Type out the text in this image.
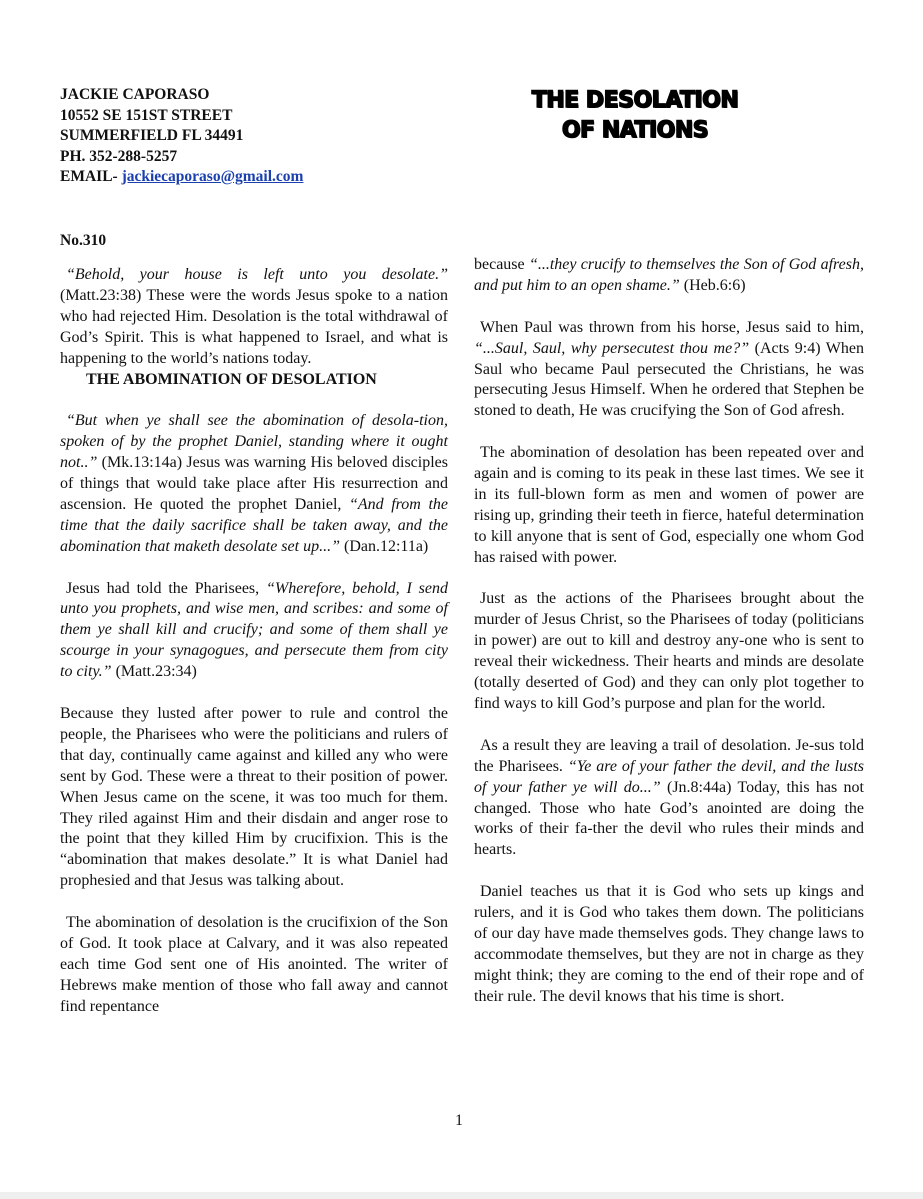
JACKIE CAPORASO
10552 SE 151ST STREET
SUMMERFIELD FL 34491
PH. 352-288-5257
EMAIL- jackiecaporaso@gmail.com
THE DESOLATION
OF NATIONS
No.310

“Behold, your house is left unto you desolate.” (Matt.23:38) These were the words Jesus spoke to a nation who had rejected Him. Desolation is the total withdrawal of God’s Spirit. This is what happened to Israel, and what is happening to the world’s nations today.

THE ABOMINATION OF DESOLATION

“But when ye shall see the abomination of desola-tion, spoken of by the prophet Daniel, standing where it ought not..” (Mk.13:14a) Jesus was warning His beloved disciples of things that would take place after His resurrection and ascension. He quoted the prophet Daniel, “And from the time that the daily sacrifice shall be taken away, and the abomination that maketh desolate set up...” (Dan.12:11a)

Jesus had told the Pharisees, “Wherefore, behold, I send unto you prophets, and wise men, and scribes: and some of them ye shall kill and crucify; and some of them shall ye scourge in your synagogues, and persecute them from city to city.” (Matt.23:34)

Because they lusted after power to rule and control the people, the Pharisees who were the politicians and rulers of that day, continually came against and killed any who were sent by God. These were a threat to their position of power. When Jesus came on the scene, it was too much for them. They riled against Him and their disdain and anger rose to the point that they killed Him by crucifixion. This is the “abomination that makes desolate.” It is what Daniel had prophesied and that Jesus was talking about.

The abomination of desolation is the crucifixion of the Son of God. It took place at Calvary, and it was also repeated each time God sent one of His anointed. The writer of Hebrews make mention of those who fall away and cannot find repentance

because “...they crucify to themselves the Son of God afresh, and put him to an open shame.” (Heb.6:6)

When Paul was thrown from his horse, Jesus said to him, “...Saul, Saul, why persecutest thou me?” (Acts 9:4) When Saul who became Paul persecuted the Christians, he was persecuting Jesus Himself. When he ordered that Stephen be stoned to death, He was crucifying the Son of God afresh.

The abomination of desolation has been repeated over and again and is coming to its peak in these last times. We see it in its full-blown form as men and women of power are rising up, grinding their teeth in fierce, hateful determination to kill anyone that is sent of God, especially one whom God has raised with power.

Just as the actions of the Pharisees brought about the murder of Jesus Christ, so the Pharisees of today (politicians in power) are out to kill and destroy any-one who is sent to reveal their wickedness. Their hearts and minds are desolate (totally deserted of God) and they can only plot together to find ways to kill God’s purpose and plan for the world.

As a result they are leaving a trail of desolation. Je-sus told the Pharisees. “Ye are of your father the devil, and the lusts of your father ye will do...” (Jn.8:44a) Today, this has not changed. Those who hate God’s anointed are doing the works of their fa-ther the devil who rules their minds and hearts.

Daniel teaches us that it is God who sets up kings and rulers, and it is God who takes them down. The politicians of our day have made themselves gods. They change laws to accommodate themselves, but they are not in charge as they might think; they are coming to the end of their rope and of their rule. The devil knows that his time is short.

1
